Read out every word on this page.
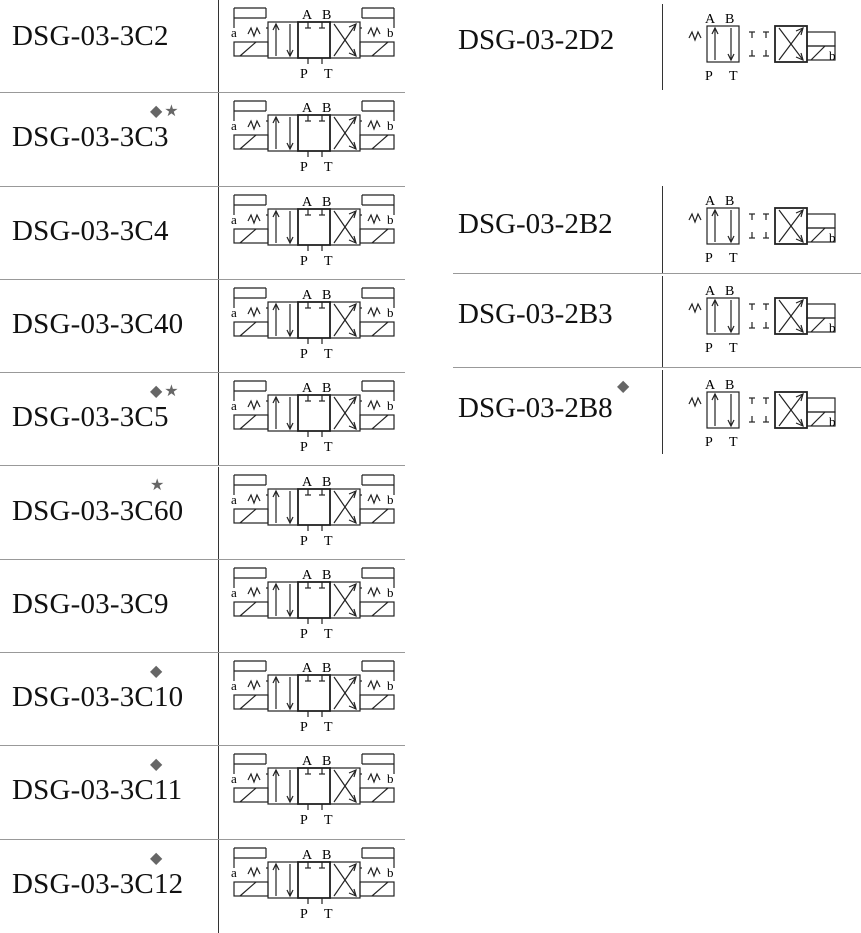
DSG-03-3C2	a	b
A B
P T
DSG-03-3C3
◆★
a	b
A B
P T
DSG-03-3C4	a	b
A B
P T
DSG-03-3C40	a	b
A B
P T
DSG-03-3C5
◆★
a	b
A B
P T
DSG-03-3C60
★
a	b
A B
P T
DSG-03-3C9	a	b
A B
P T
DSG-03-3C10
◆
a	b
A B
P T
DSG-03-3C11
◆
a	b
A B
P T
DSG-03-3C12
◆
a	b
A B
P T
DSG-03-2D2
A B
P T
b
DSG-03-2B2
A B
P T
b
DSG-03-2B3
A B
P T
b
DSG-03-2B8
◆	A B
P T
b
